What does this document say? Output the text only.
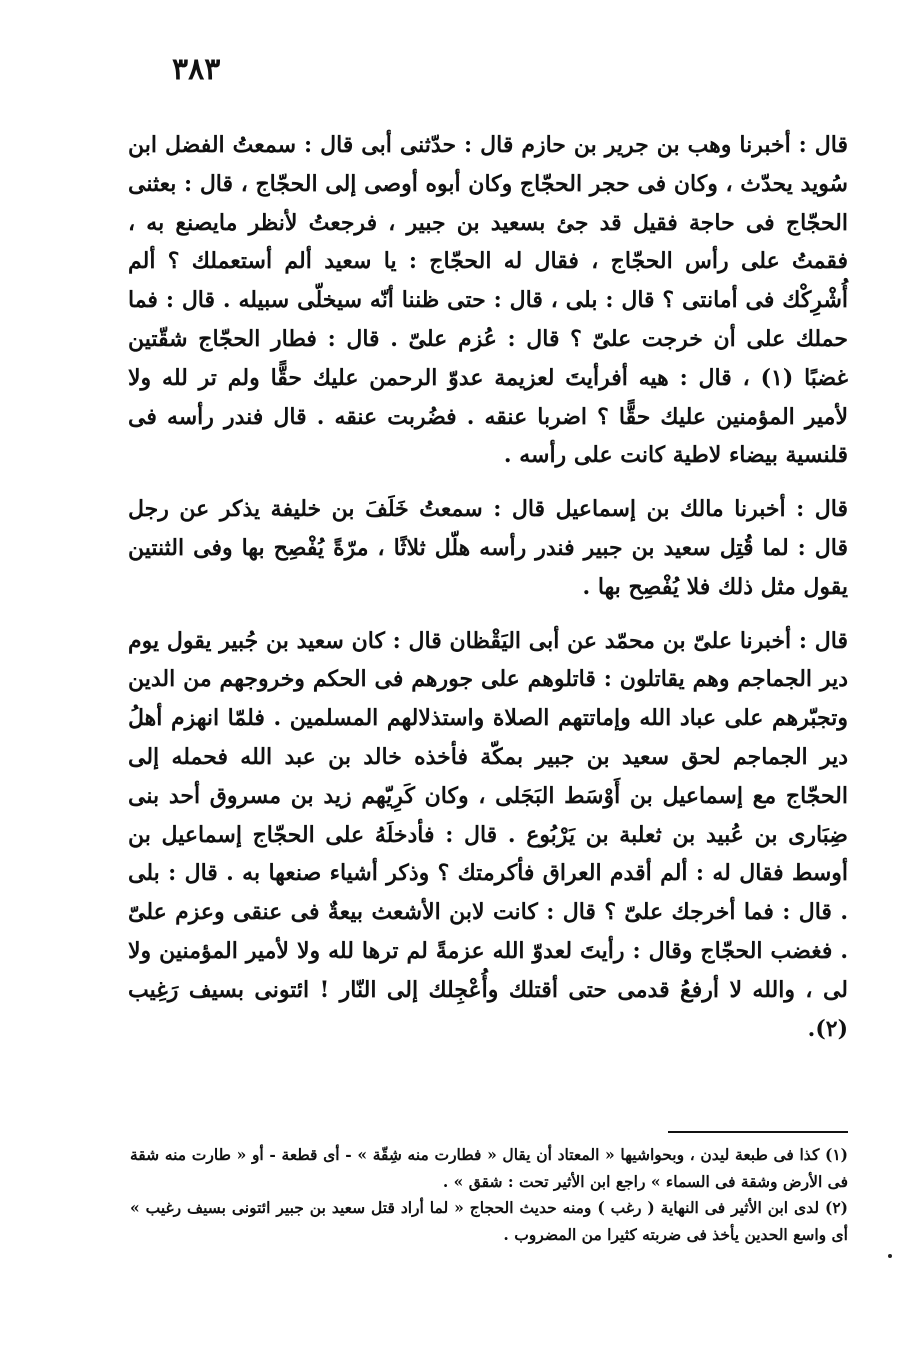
٣٨٣

قال : أخبرنا وهب بن جرير بن حازم قال : حدّثنى أبى قال : سمعتُ الفضل ابن سُويد يحدّث ، وكان فى حجر الحجّاج وكان أبوه أوصى إلى الحجّاج ، قال : بعثنى الحجّاج فى حاجة فقيل قد جئ بسعيد بن جبير ، فرجعتُ لأنظر مايصنع به ، فقمتُ على رأس الحجّاج ، فقال له الحجّاج : يا سعيد ألم أستعملك ؟ ألم أُشْرِكْك فى أمانتى ؟ قال : بلى ، قال : حتى ظننا أنّه سيخلّى سبيله . قال : فما حملك على أن خرجت علىّ ؟ قال : عُزم علىّ . قال : فطار الحجّاج شقّتين غضبًا (١) ، قال : هيه أفرأيتَ لعزيمة عدوّ الرحمن عليك حقًّا ولم تر لله ولا لأمير المؤمنين عليك حقًّا ؟ اضربا عنقه . فضُربت عنقه . قال فندر رأسه فى قلنسية بيضاء لاطية كانت على رأسه .

قال : أخبرنا مالك بن إسماعيل قال : سمعتُ خَلَفَ بن خليفة يذكر عن رجل قال : لما قُتِل سعيد بن جبير فندر رأسه هلّل ثلاثًا ، مرّةً يُفْصِح بها وفى الثنتين يقول مثل ذلك فلا يُفْصِح بها .

قال : أخبرنا علىّ بن محمّد عن أبى اليَقْظان قال : كان سعيد بن جُبير يقول يوم دير الجماجم وهم يقاتلون : قاتلوهم على جورهم فى الحكم وخروجهم من الدين وتجبّرهم على عباد الله وإماتتهم الصلاة واستذلالهم المسلمين . فلمّا انهزم أهلُ دير الجماجم لحق سعيد بن جبير بمكّة فأخذه خالد بن عبد الله فحمله إلى الحجّاج مع إسماعيل بن أَوْسَط البَجَلى ، وكان كَرِيّهم زيد بن مسروق أحد بنى ضِبَارى بن عُبيد بن ثعلبة بن يَرْبُوع . قال : فأدخلَهُ على الحجّاج إسماعيل بن أوسط فقال له : ألم أقدم العراق فأكرمتك ؟ وذكر أشياء صنعها به . قال : بلى . قال : فما أخرجك علىّ ؟ قال : كانت لابن الأشعث بيعةٌ فى عنقى وعزم علىّ . فغضب الحجّاج وقال : رأيتَ لعدوّ الله عزمةً لم ترها لله ولا لأمير المؤمنين ولا لى ، والله لا أرفعُ قدمى حتى أقتلك وأُعْجِلك إلى النّار ! ائتونى بسيف رَغِيب (٢).

(١) كذا فى طبعة ليدن ، وبحواشيها « المعتاد أن يقال « فطارت منه شِقّة » - أى قطعة - أو « طارت منه شقة فى الأرض وشقة فى السماء » راجع ابن الأثير تحت : شقق » .

(٢) لدى ابن الأثير فى النهاية ( رغب ) ومنه حديث الحجاج « لما أراد قتل سعيد بن جبير ائتونى بسيف رغيب » أى واسع الحدين يأخذ فى ضربته كثيرا من المضروب .
